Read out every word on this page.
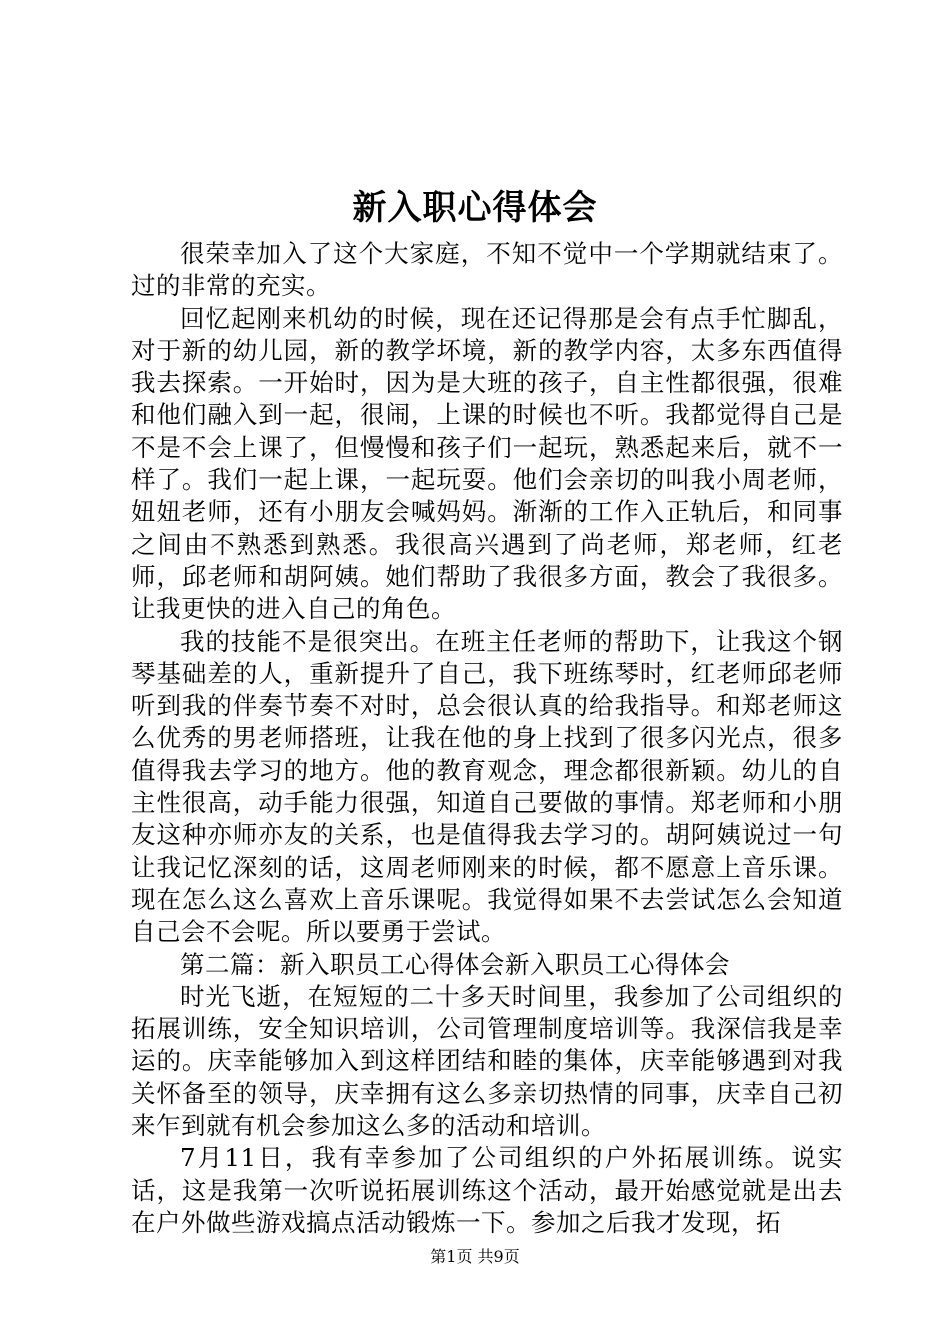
新入职心得体会

很荣幸加入了这个大家庭，不知不觉中一个学期就结束了。过的非常的充实。

回忆起刚来机幼的时候，现在还记得那是会有点手忙脚乱，对于新的幼儿园，新的教学坏境，新的教学内容，太多东西值得我去探索。一开始时，因为是大班的孩子，自主性都很强，很难和他们融入到一起，很闹，上课的时候也不听。我都觉得自己是不是不会上课了，但慢慢和孩子们一起玩，熟悉起来后，就不一样了。我们一起上课，一起玩耍。他们会亲切的叫我小周老师，妞妞老师，还有小朋友会喊妈妈。渐渐的工作入正轨后，和同事之间由不熟悉到熟悉。我很高兴遇到了尚老师，郑老师，红老师，邱老师和胡阿姨。她们帮助了我很多方面，教会了我很多。让我更快的进入自己的角色。

我的技能不是很突出。在班主任老师的帮助下，让我这个钢琴基础差的人，重新提升了自己，我下班练琴时，红老师邱老师听到我的伴奏节奏不对时，总会很认真的给我指导。和郑老师这么优秀的男老师搭班，让我在他的身上找到了很多闪光点，很多值得我去学习的地方。他的教育观念，理念都很新颖。幼儿的自主性很高，动手能力很强，知道自己要做的事情。郑老师和小朋友这种亦师亦友的关系，也是值得我去学习的。胡阿姨说过一句让我记忆深刻的话，这周老师刚来的时候，都不愿意上音乐课。现在怎么这么喜欢上音乐课呢。我觉得如果不去尝试怎么会知道自己会不会呢。所以要勇于尝试。

第二篇：新入职员工心得体会新入职员工心得体会

时光飞逝，在短短的二十多天时间里，我参加了公司组织的拓展训练，安全知识培训，公司管理制度培训等。我深信我是幸运的。庆幸能够加入到这样团结和睦的集体，庆幸能够遇到对我关怀备至的领导，庆幸拥有这么多亲切热情的同事，庆幸自己初来乍到就有机会参加这么多的活动和培训。

7月11日，我有幸参加了公司组织的户外拓展训练。说实话，这是我第一次听说拓展训练这个活动，最开始感觉就是出去在户外做些游戏搞点活动锻炼一下。参加之后我才发现，拓

第1页 共9页
